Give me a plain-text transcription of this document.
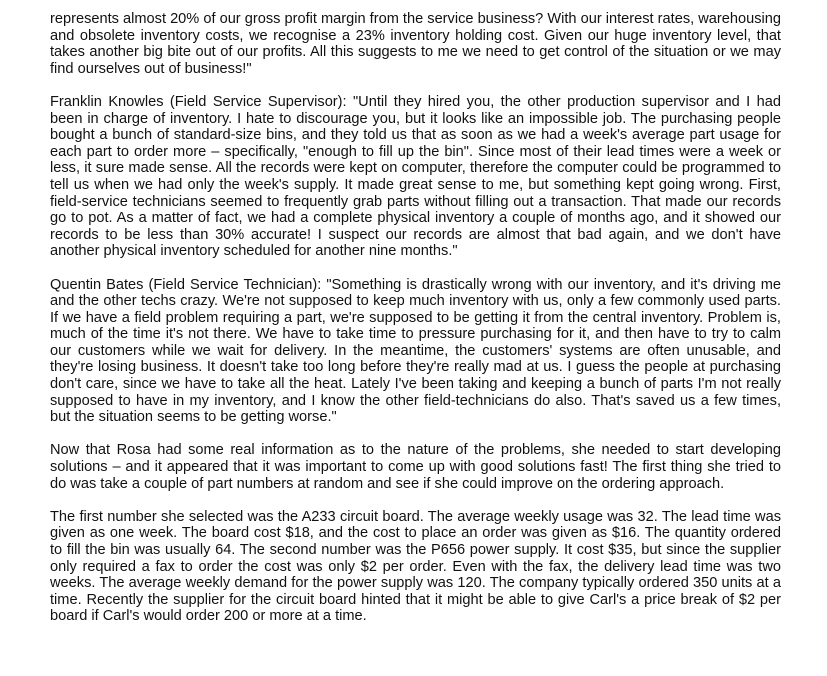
represents almost 20% of our gross profit margin from the service business? With our interest rates, warehousing and obsolete inventory costs, we recognise a 23% inventory holding cost. Given our huge inventory level, that takes another big bite out of our profits. All this suggests to me we need to get control of the situation or we may find ourselves out of business!"

Franklin Knowles (Field Service Supervisor): "Until they hired you, the other production supervisor and I had been in charge of inventory. I hate to discourage you, but it looks like an impossible job. The purchasing people bought a bunch of standard-size bins, and they told us that as soon as we had a week's average part usage for each part to order more – specifically, "enough to fill up the bin". Since most of their lead times were a week or less, it sure made sense. All the records were kept on computer, therefore the computer could be programmed to tell us when we had only the week's supply. It made great sense to me, but something kept going wrong. First, field-service technicians seemed to frequently grab parts without filling out a transaction. That made our records go to pot. As a matter of fact, we had a complete physical inventory a couple of months ago, and it showed our records to be less than 30% accurate! I suspect our records are almost that bad again, and we don't have another physical inventory scheduled for another nine months."

Quentin Bates (Field Service Technician): "Something is drastically wrong with our inventory, and it's driving me and the other techs crazy. We're not supposed to keep much inventory with us, only a few commonly used parts. If we have a field problem requiring a part, we're supposed to be getting it from the central inventory. Problem is, much of the time it's not there. We have to take time to pressure purchasing for it, and then have to try to calm our customers while we wait for delivery. In the meantime, the customers' systems are often unusable, and they're losing business. It doesn't take too long before they're really mad at us. I guess the people at purchasing don't care, since we have to take all the heat. Lately I've been taking and keeping a bunch of parts I'm not really supposed to have in my inventory, and I know the other field-technicians do also. That's saved us a few times, but the situation seems to be getting worse."

Now that Rosa had some real information as to the nature of the problems, she needed to start developing solutions – and it appeared that it was important to come up with good solutions fast! The first thing she tried to do was take a couple of part numbers at random and see if she could improve on the ordering approach.

The first number she selected was the A233 circuit board. The average weekly usage was 32. The lead time was given as one week. The board cost $18, and the cost to place an order was given as $16. The quantity ordered to fill the bin was usually 64. The second number was the P656 power supply. It cost $35, but since the supplier only required a fax to order the cost was only $2 per order. Even with the fax, the delivery lead time was two weeks. The average weekly demand for the power supply was 120. The company typically ordered 350 units at a time. Recently the supplier for the circuit board hinted that it might be able to give Carl's a price break of $2 per board if Carl's would order 200 or more at a time.
